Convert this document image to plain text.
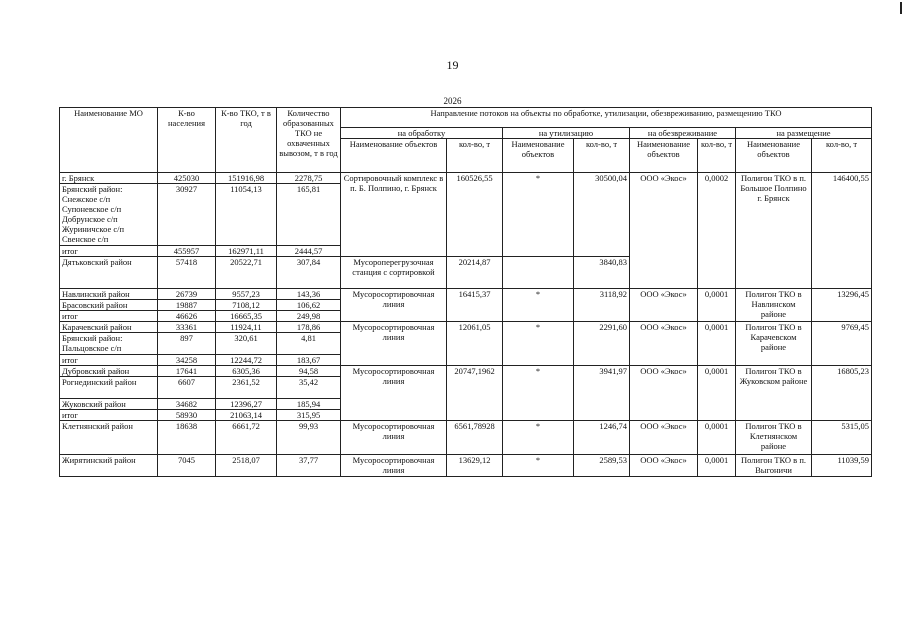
19
2026
Наименование МО	К-во населения	К-во ТКО, т в год	Количество образованных ТКО не охваченных вывозом, т в год	Направление потоков на объекты по обработке, утилизации, обезвреживанию, размещению ТКО							
				на обработку		на утилизацию		на обезвреживание		на размещение	
				Наименование объектов	кол-во, т	Наименование объектов	кол-во, т	Наименование объектов	кол-во, т	Наименование объектов	кол-во, т
г. Брянск	425030	151916,98	2278,75	Сортировочный комплекс в п. Б. Полпино, г. Брянск	160526,55	*	30500,04	ООО «Экос»	0,0002	Полигон ТКО в п. Большое Полпино г. Брянск	146400,55
Брянский район: Снежское с/п Супоневское с/п Добрунское с/п Журиничское с/п Свенское с/п	30927	11054,13	165,81								
итог	455957	162971,11	2444,57								
Дятьковский район	57418	20522,71	307,84	Мусороперегрузочная станция с сортировкой	20214,87		3840,83				
Навлинский район	26739	9557,23	143,36	Мусоросортировочная линия	16415,37	*	3118,92	ООО «Экос»	0,0001	Полигон ТКО в Навлинском районе	13296,45
Брасовский район	19887	7108,12	106,62								
итог	46626	16665,35	249,98								
Карачевский район	33361	11924,11	178,86	Мусоросортировочная линия	12061,05	*	2291,60	ООО «Экос»	0,0001	Полигон ТКО в Карачевском районе	9769,45
Брянский район: Пальцовское с/п	897	320,61	4,81								
итог	34258	12244,72	183,67								
Дубровский район	17641	6305,36	94,58	Мусоросортировочная линия	20747,1962	*	3941,97	ООО «Экос»	0,0001	Полигон ТКО в Жуковском районе	16805,23
Рогнединский район	6607	2361,52	35,42								
Жуковский район	34682	12396,27	185,94								
итог	58930	21063,14	315,95								
Клетнянский район	18638	6661,72	99,93	Мусоросортировочная линия	6561,78928	*	1246,74	ООО «Экос»	0,0001	Полигон ТКО в Клетнянском районе	5315,05
Жирятинский район	7045	2518,07	37,77	Мусоросортировочная линия	13629,12	*	2589,53	ООО «Экос»	0,0001	Полигон ТКО в п. Выгоничи	11039,59
